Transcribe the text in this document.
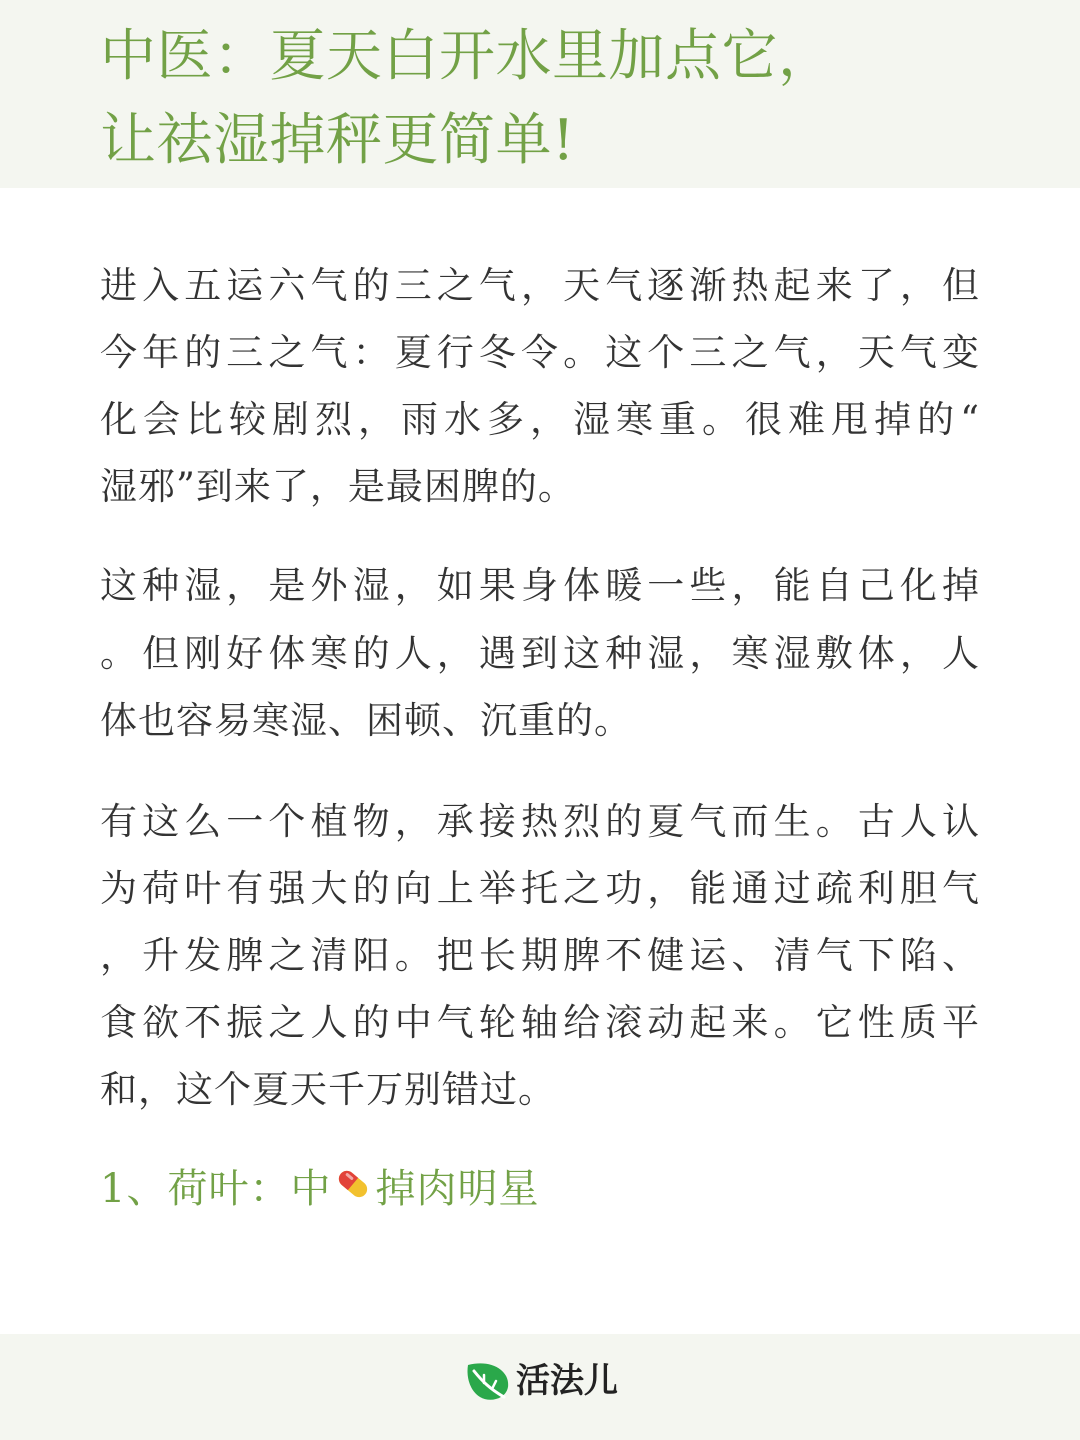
中医：夏天白开水里加点它，
让祛湿掉秤更简单!
进入五运六气的三之气，天气逐渐热起来了，但
今年的三之气：夏行冬令。这个三之气，天气变
化会比较剧烈，雨水多，湿寒重。很难甩掉的“
湿邪”到来了，是最困脾的。
这种湿，是外湿，如果身体暖一些，能自己化掉
。但刚好体寒的人，遇到这种湿，寒湿敷体，人
体也容易寒湿、困顿、沉重的。
有这么一个植物，承接热烈的夏气而生。古人认
为荷叶有强大的向上举托之功，能通过疏利胆气
，升发脾之清阳。把长期脾不健运、清气下陷、
食欲不振之人的中气轮轴给滚动起来。它性质平
和，这个夏天千万别错过。
1、荷叶：中 掉肉明星
活法儿
